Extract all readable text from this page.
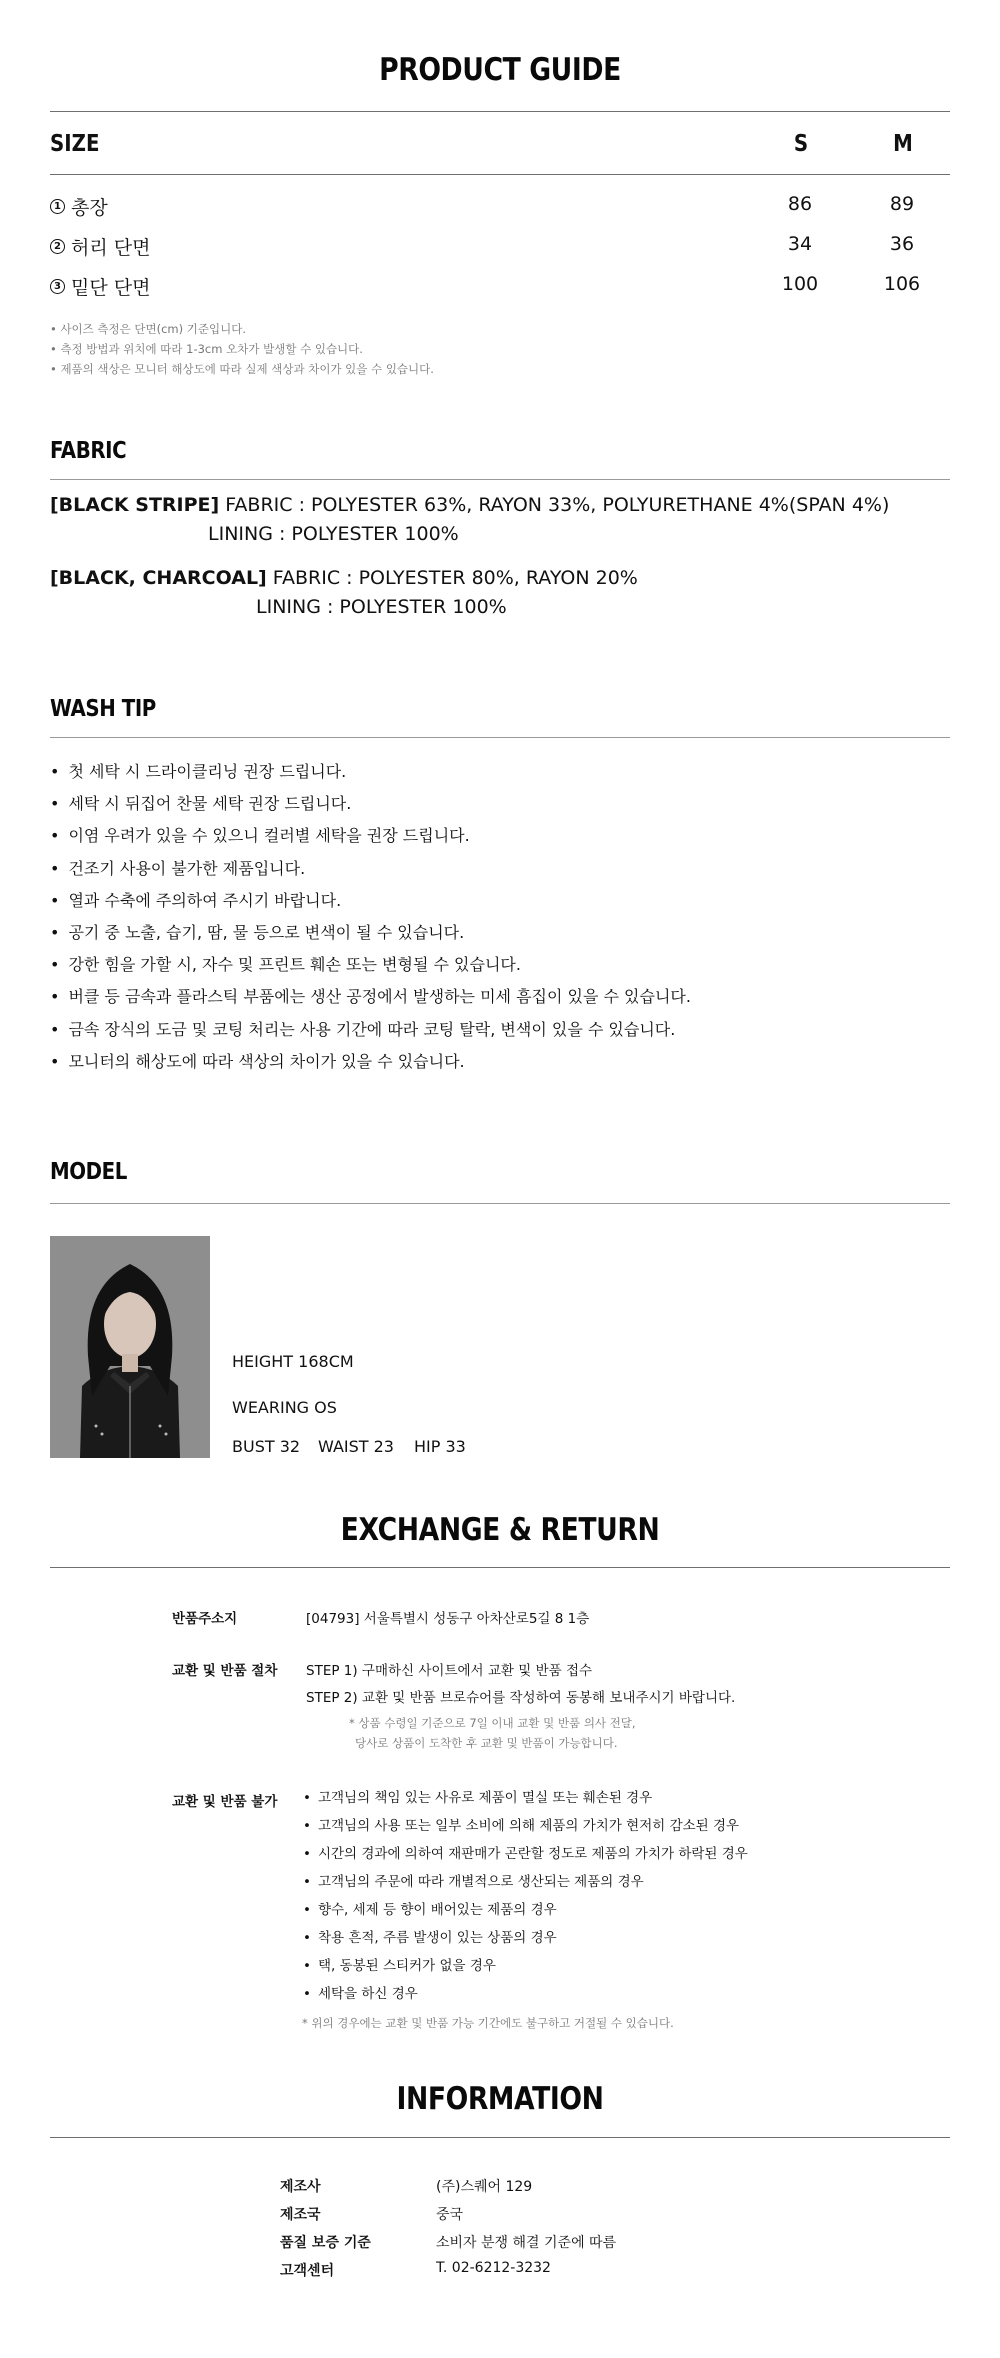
PRODUCT GUIDE
SIZE	S	M
1 총장	86	89
2 허리 단면	34	36
3 밑단 단면	100	106
• 사이즈 측정은 단면(cm) 기준입니다.
• 측정 방법과 위치에 따라 1-3cm 오차가 발생할 수 있습니다.
• 제품의 색상은 모니터 해상도에 따라 실제 색상과 차이가 있을 수 있습니다.
FABRIC
[BLACK STRIPE] FABRIC : POLYESTER 63%, RAYON 33%, POLYURETHANE 4%(SPAN 4%)
LINING : POLYESTER 100%
[BLACK, CHARCOAL] FABRIC : POLYESTER 80%, RAYON 20%
LINING : POLYESTER 100%
WASH TIP
• 첫 세탁 시 드라이클리닝 권장 드립니다.
• 세탁 시 뒤집어 찬물 세탁 권장 드립니다.
• 이염 우려가 있을 수 있으니 컬러별 세탁을 권장 드립니다.
• 건조기 사용이 불가한 제품입니다.
• 열과 수축에 주의하여 주시기 바랍니다.
• 공기 중 노출, 습기, 땀, 물 등으로 변색이 될 수 있습니다.
• 강한 힘을 가할 시, 자수 및 프린트 훼손 또는 변형될 수 있습니다.
• 버클 등 금속과 플라스틱 부품에는 생산 공정에서 발생하는 미세 흠집이 있을 수 있습니다.
• 금속 장식의 도금 및 코팅 처리는 사용 기간에 따라 코팅 탈락, 변색이 있을 수 있습니다.
• 모니터의 해상도에 따라 색상의 차이가 있을 수 있습니다.
MODEL
HEIGHT 168CM
WEARING OS
BUST 32 WAIST 23 HIP 33
EXCHANGE & RETURN
반품주소지	[04793] 서울특별시 성동구 아차산로5길 8 1층
교환 및 반품 절차 STEP 1) 구매하신 사이트에서 교환 및 반품 접수
STEP 2) 교환 및 반품 브로슈어를 작성하여 동봉해 보내주시기 바랍니다.
* 상품 수령일 기준으로 7일 이내 교환 및 반품 의사 전달,
당사로 상품이 도착한 후 교환 및 반품이 가능합니다.
교환 및 반품 불가
•	고객님의 책임 있는 사유로 제품이 멸실 또는 훼손된 경우
• 고객님의 사용 또는 일부 소비에 의해 제품의 가치가 현저히 감소된 경우
• 시간의 경과에 의하여 재판매가 곤란할 정도로 제품의 가치가 하락된 경우
• 고객님의 주문에 따라 개별적으로 생산되는 제품의 경우
• 향수, 세제 등 향이 배어있는 제품의 경우
• 착용 흔적, 주름 발생이 있는 상품의 경우
• 택, 동봉된 스티커가 없을 경우
• 세탁을 하신 경우
* 위의 경우에는 교환 및 반품 가능 기간에도 불구하고 거절될 수 있습니다.
INFORMATION
제조사	(주)스퀘어 129
제조국	중국
품질 보증 기준	소비자 분쟁 해결 기준에 따름
고객센터	T. 02-6212-3232
